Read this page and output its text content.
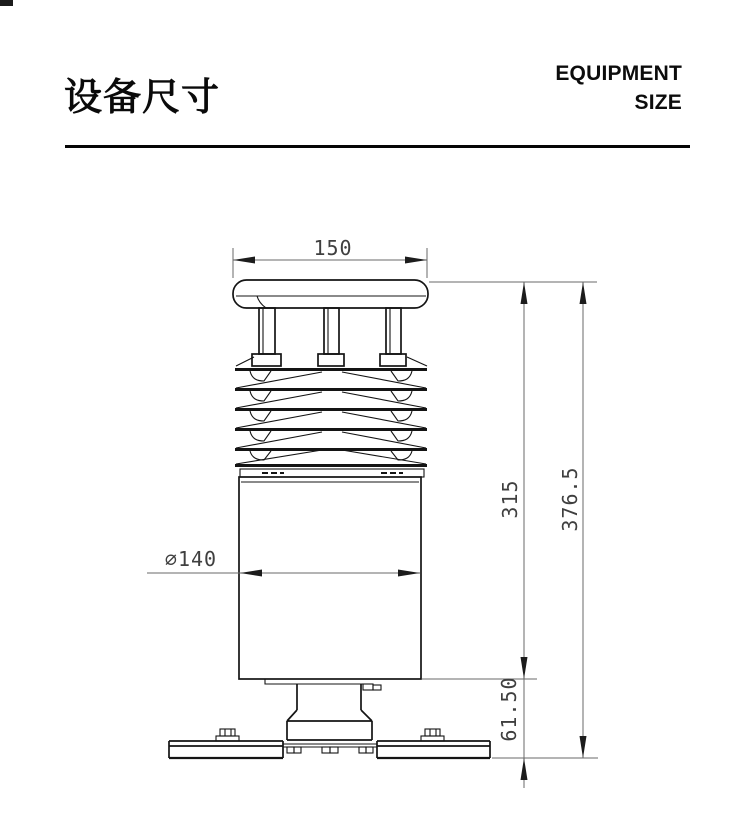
设备尺寸
EQUIPMENT
SIZE
150
∅140
315 376.5
61.50
